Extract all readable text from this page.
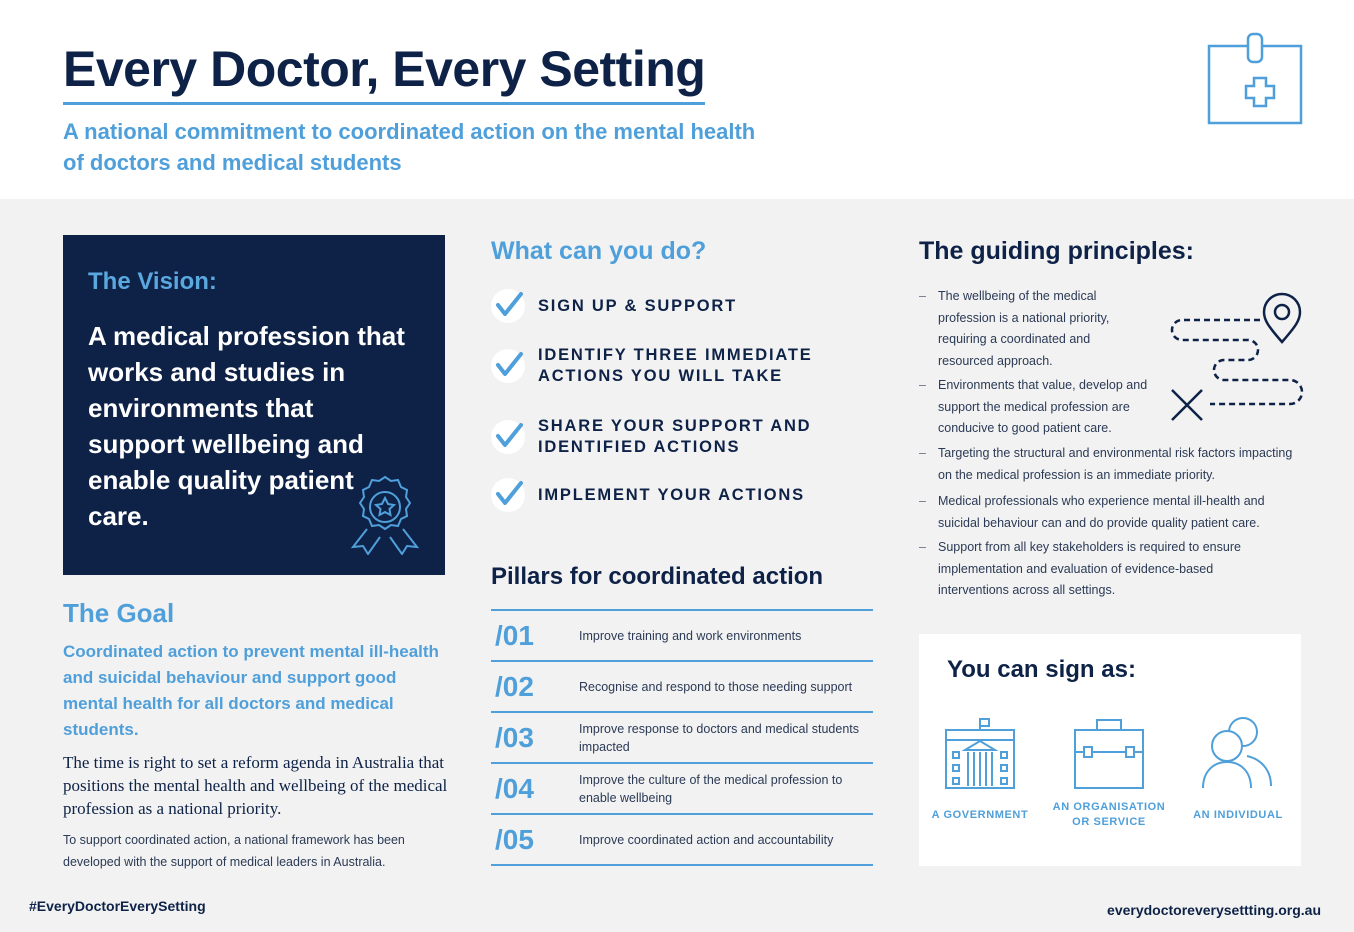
Every Doctor, Every Setting

A national commitment to coordinated action on the mental health of doctors and medical students

The Vision:
A medical profession that works and studies in environments that support wellbeing and enable quality patient care.
The Goal
Coordinated action to prevent mental ill-health and suicidal behaviour and support good mental health for all doctors and medical students.
The time is right to set a reform agenda in Australia that positions the mental health and wellbeing of the medical profession as a national priority.
To support coordinated action, a national framework has been developed with the support of medical leaders in Australia.
What can you do?
SIGN UP & SUPPORT
IDENTIFY THREE IMMEDIATE ACTIONS YOU WILL TAKE
SHARE YOUR SUPPORT AND IDENTIFIED ACTIONS
IMPLEMENT YOUR ACTIONS
Pillars for coordinated action
/01	Improve training and work environments
/02	Recognise and respond to those needing support
/03	Improve response to doctors and medical students impacted
/04	Improve the culture of the medical profession to enable wellbeing
/05	Improve coordinated action and accountability
The guiding principles:
– The wellbeing of the medical profession is a national priority, requiring a coordinated and resourced approach.
– Environments that value, develop and support the medical profession are conducive to good patient care.
– Targeting the structural and environmental risk factors impacting on the medical profession is an immediate priority.
– Medical professionals who experience mental ill-health and suicidal behaviour can and do provide quality patient care.
– Support from all key stakeholders is required to ensure implementation and evaluation of evidence-based interventions across all settings.
You can sign as:
A GOVERNMENT
AN ORGANISATION OR SERVICE
AN INDIVIDUAL
#EveryDoctorEverySetting	everydoctoreverysettting.org.au
